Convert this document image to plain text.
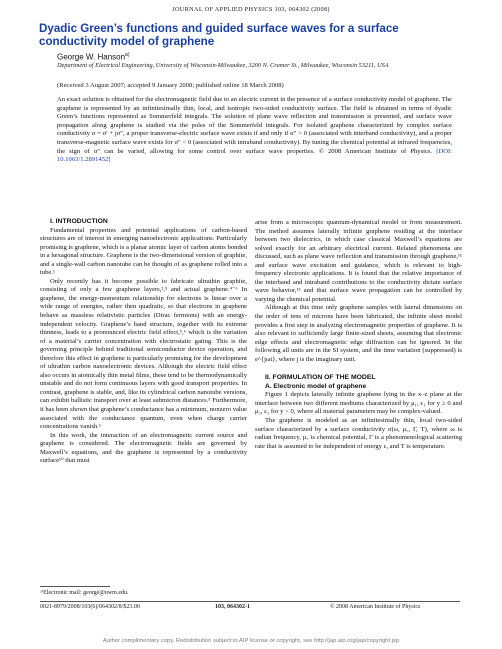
JOURNAL OF APPLIED PHYSICS 103, 064302 (2008)
Dyadic Green’s functions and guided surface waves for a surface conductivity model of graphene
George W. Hanson$^{a)}$
Department of Electrical Engineering, University of Wisconsin-Milwaukee, 3200 N. Cramer St., Milwaukee, Wisconsin 53211, USA
(Received 3 August 2007; accepted 9 January 2008; published online 18 March 2008)
An exact solution is obtained for the electromagnetic field due to an electric current in the presence of a surface conductivity model of graphene. The graphene is represented by an infinitesimally thin, local, and isotropic two-sided conductivity surface. The field is obtained in terms of dyadic Green’s functions represented as Sommerfeld integrals. The solution of plane wave reflection and transmission is presented, and surface wave propagation along graphene is studied via the poles of the Sommerfeld integrals. For isolated graphene characterized by complex surface conductivity σ = σ′ + jσ″, a proper transverse-electric surface wave exists if and only if σ″ > 0 (associated with interband conductivity), and a proper transverse-magnetic surface wave exists for σ″ < 0 (associated with intraband conductivity). By tuning the chemical potential at infrared frequencies, the sign of σ″ can be varied, allowing for some control over surface wave properties. © 2008 American Institute of Physics. [DOI: 10.1063/1.2891452]

I. INTRODUCTION

Fundamental properties and potential applications of carbon-based structures are of interest in emerging nanoelectronic applications. Particularly promising is graphene, which is a planar atomic layer of carbon atoms bonded in a hexagonal structure. Graphene is the two-dimensional version of graphite, and a single-wall carbon nanotube can be thought of as graphene rolled into a tube.¹

Only recently has it become possible to fabricate ultrathin graphite, consisting of only a few graphene layers,²,³ and actual graphene.⁴⁻⁶ In graphene, the energy-momentum relationship for electrons is linear over a wide range of energies, rather then quadratic, so that electrons in graphene behave as massless relativistic particles (Dirac fermions) with an energy-independent velocity. Graphene’s band structure, together with its extreme thinness, leads to a pronounced electric field effect,⁵,⁶ which is the variation of a material’s carrier concentration with electrostatic gating. This is the governing principle behind traditional semiconductor device operation, and therefore this effect in graphene is particularly promising for the development of ultrathin carbon nanoelectronic devices. Although the electric field effect also occurs in atomically thin metal films, these tend to be thermodynamically unstable and do not form continuous layers with good transport properties. In contrast, graphene is stable, and, like its cylindrical carbon nanotube versions, can exhibit ballistic transport over at least submicron distances.⁵ Furthermore, it has been shown that graphene’s conductance has a minimum, nonzero value associated with the conductance quantum, even when charge carrier concentrations vanish.⁶

In this work, the interaction of an electromagnetic current source and graphene is considered. The electromagnetic fields are governed by Maxwell’s equations, and the graphene is represented by a conductivity surface¹⁰ that must

arise from a microscopic quantum-dynamical model or from measurement. The method assumes laterally infinite graphene residing at the interface between two dielectrics, in which case classical Maxwell’s equations are solved exactly for an arbitrary electrical current. Related phenomena are discussed, such as plane wave reflection and transmission through graphene,¹¹ and surface wave excitation and guidance, which is relevant to high-frequency electronic applications. It is found that the relative importance of the interband and intraband contributions to the conductivity dictate surface wave behavior,¹² and that surface wave propagation can be controlled by varying the chemical potential.

Although at this time only graphene samples with lateral dimensions on the order of tens of microns have been fabricated, the infinite sheet model provides a first step in analyzing electromagnetic properties of graphene. It is also relevant to sufficiently large finite-sized sheets, assuming that electronic edge effects and electromagnetic edge diffraction can be ignored. In the following all units are in the SI system, and the time variation (suppressed) is e^{jωt}, where j is the imaginary unit.

II. FORMULATION OF THE MODEL

A. Electronic model of graphene

Figure 1 depicts laterally infinite graphene lying in the x–z plane at the interface between two different mediums characterized by μ₁, ε₁ for y ≥ 0 and μ₂, ε₂ for y < 0, where all material parameters may be complex-valued.

The graphene is modeled as an infinitesimally thin, local two-sided surface characterized by a surface conductivity σ(ω, μ꜀, Γ, T), where ω is radian frequency, μ꜀ is chemical potential, Γ is a phenomenological scattering rate that is assumed to be independent of energy ε, and T is temperature.

ᵃ⁾Electronic mail: george@uwm.edu.
0021-8979/2008/103(6)/064302/8/$23.00	103, 064302-1	© 2008 American Institute of Physics
Author complimentary copy. Redistribution subject to AIP license or copyright, see http://jap.aip.org/jap/copyright.jsp
